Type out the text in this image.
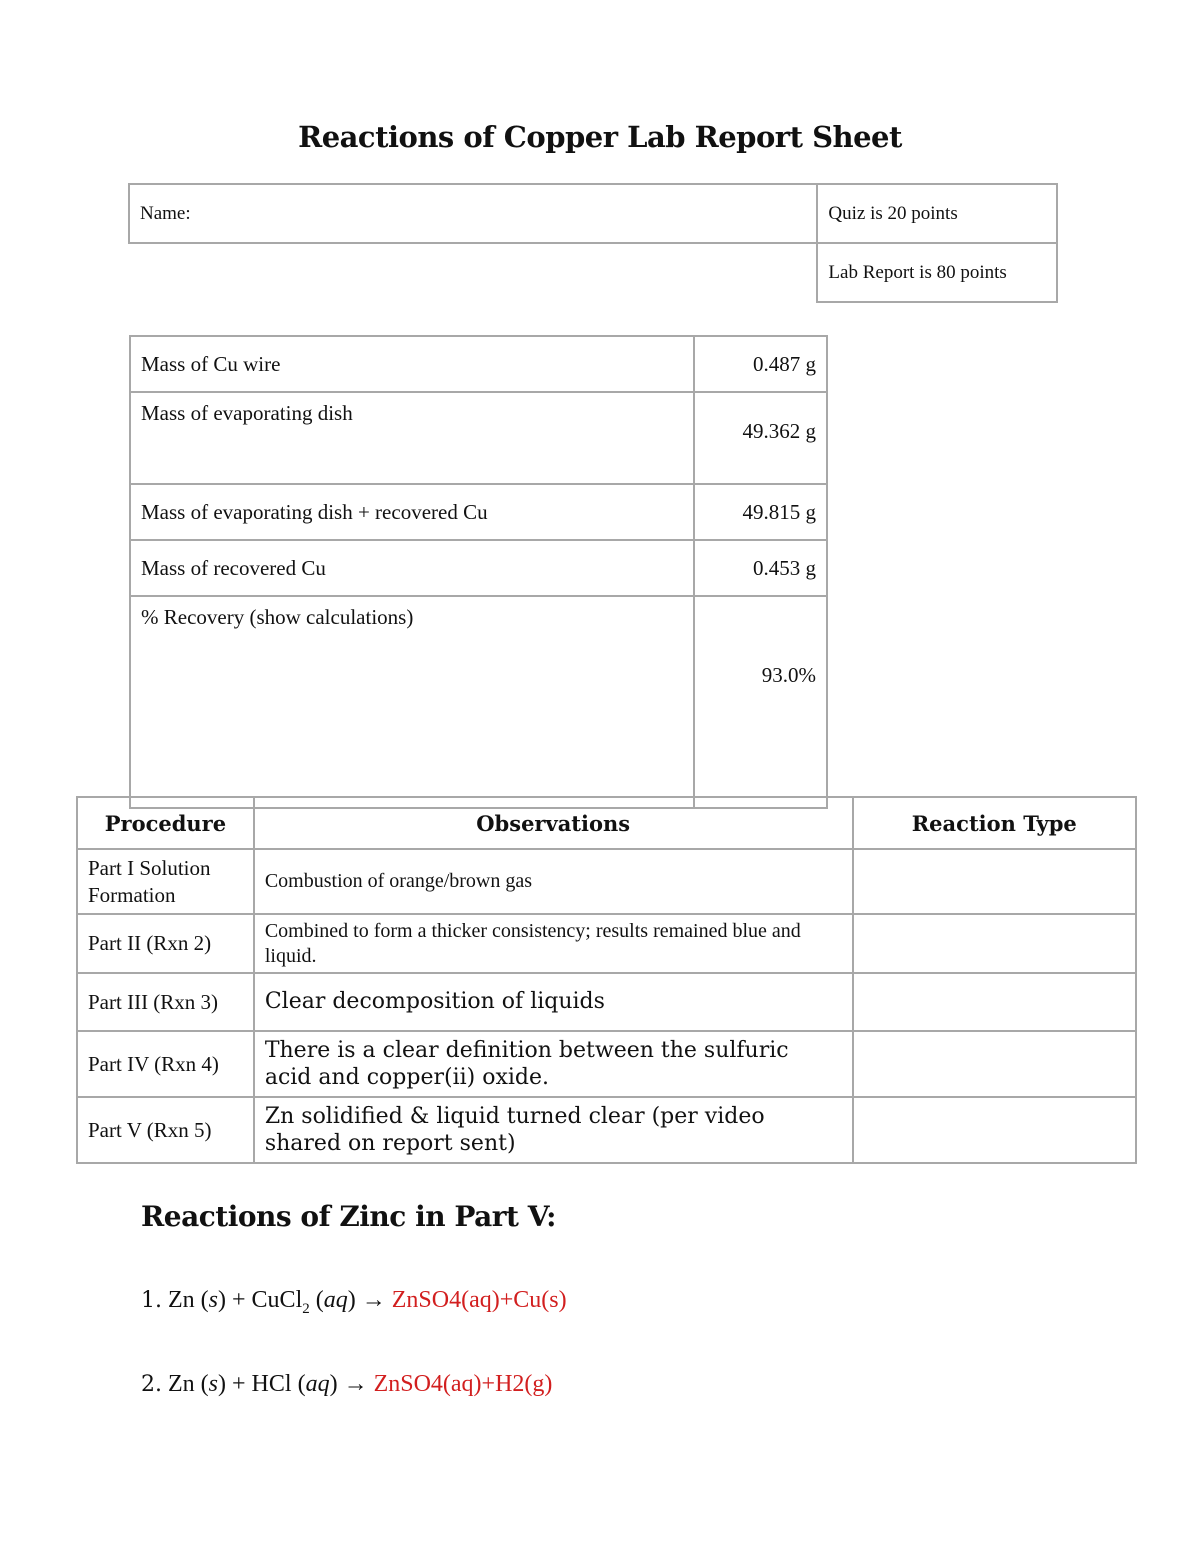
Reactions of Copper Lab Report Sheet
Name:	Quiz is 20 points
	Lab Report is 80 points
Mass of Cu wire	0.487 g
Mass of evaporating dish	49.362 g
Mass of evaporating dish + recovered Cu	49.815 g
Mass of recovered Cu	0.453 g
% Recovery (show calculations)	93.0%
Procedure	Observations	Reaction Type
Part I Solution Formation	Combustion of orange/brown gas	
Part II (Rxn 2)	Combined to form a thicker consistency; results remained blue and liquid.	
Part III (Rxn 3)	Clear decomposition of liquids	
Part IV (Rxn 4)	There is a clear definition between the sulfuric acid and copper(ii) oxide.	
Part V (Rxn 5)	Zn solidified & liquid turned clear (per video shared on report sent)	
Reactions of Zinc in Part V:
1. Zn (s) + CuCl$_2$ (aq) → ZnSO4(aq)+Cu(s)
2. Zn (s) + HCl (aq) → ZnSO4(aq)+H2(g)
